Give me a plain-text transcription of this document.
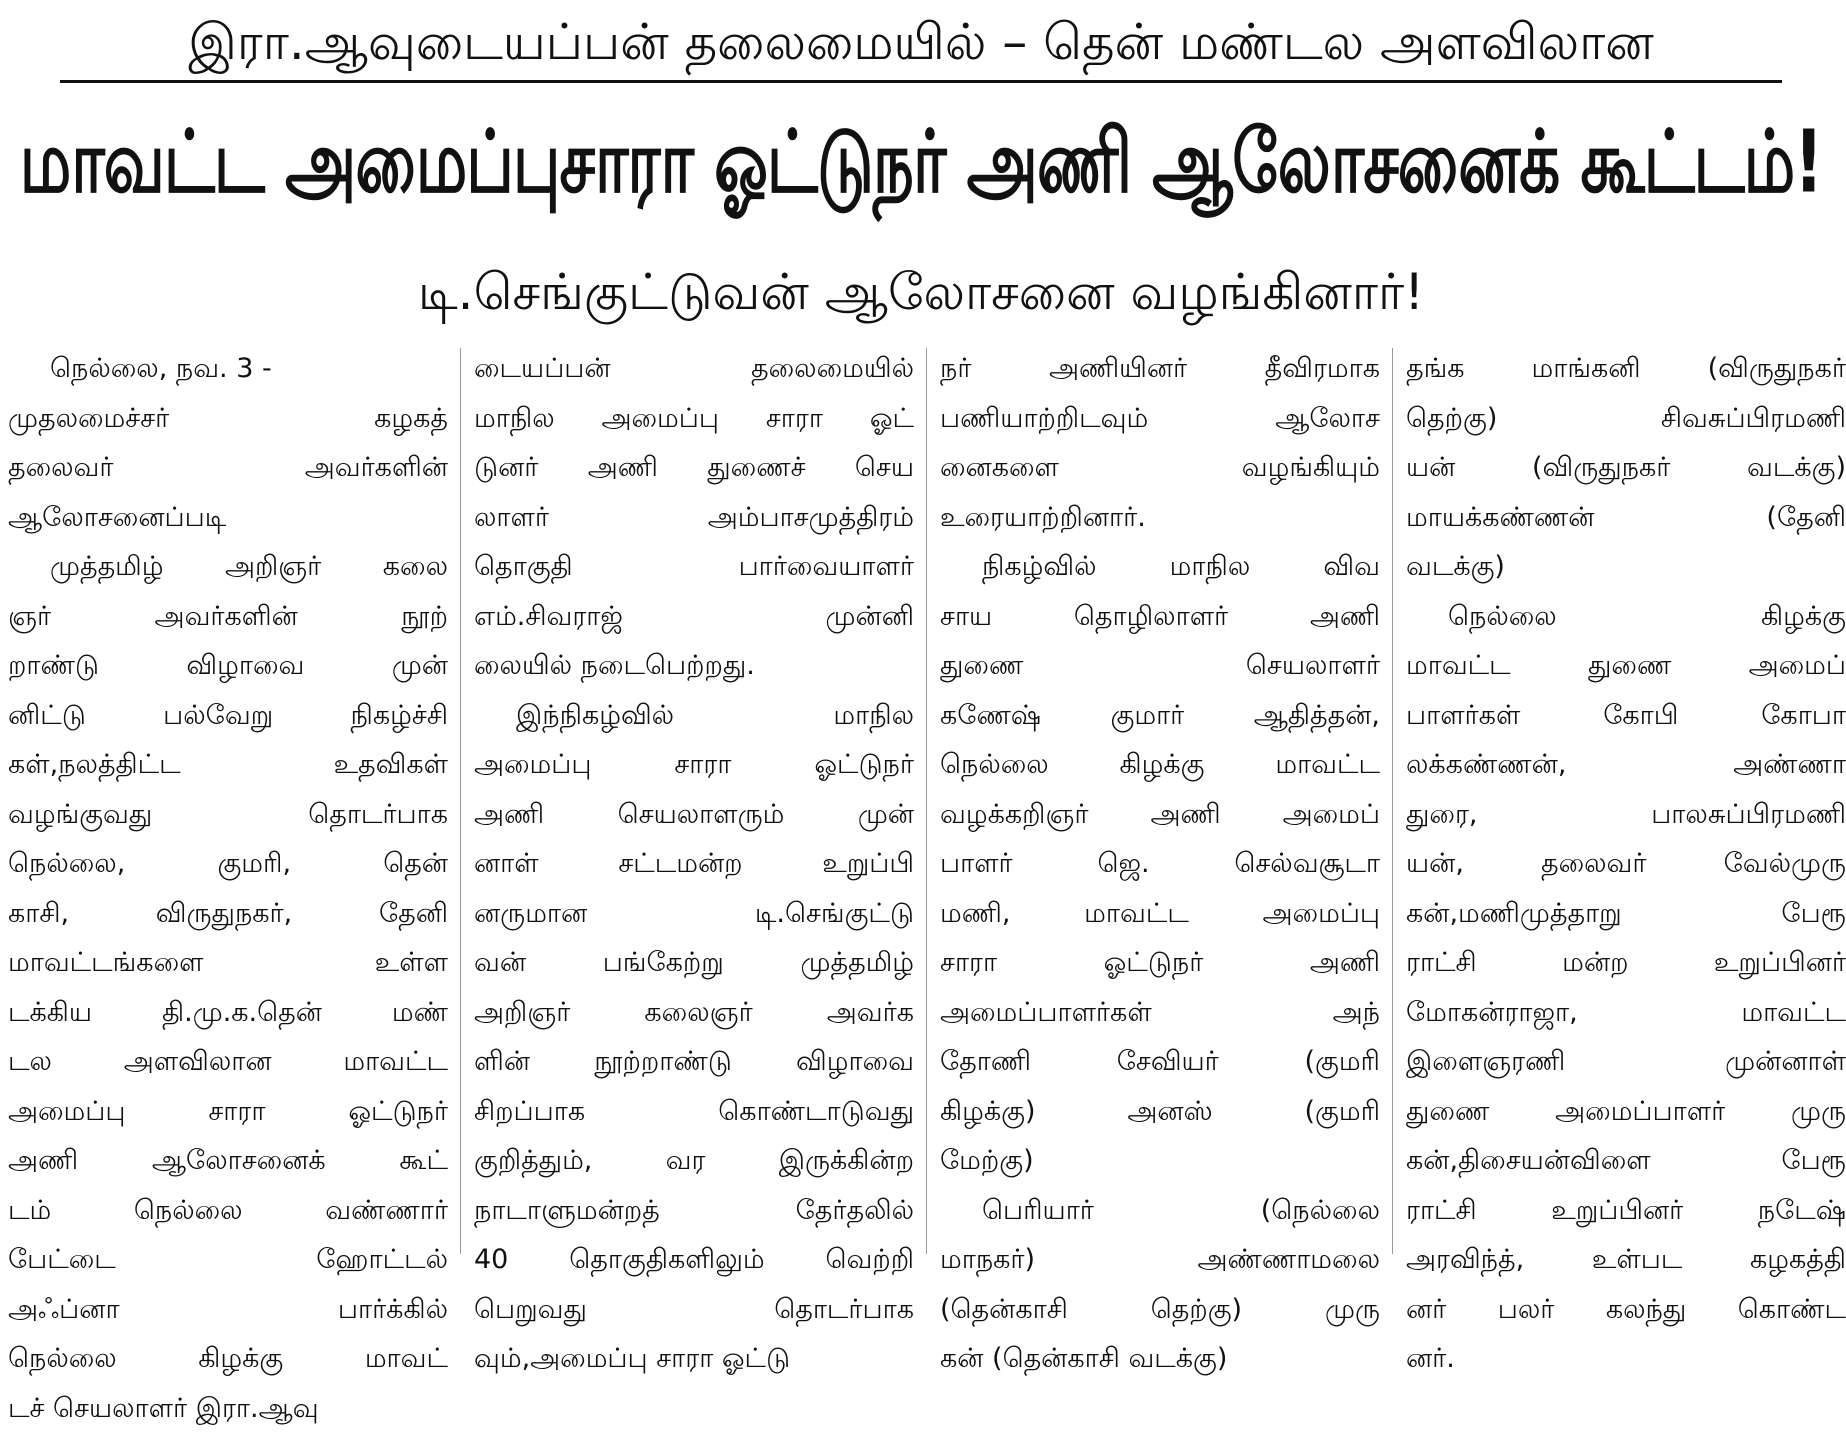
இரா.ஆவுடையப்பன் தலைமையில் – தென் மண்டல அளவிலான
மாவட்ட அமைப்புசாரா ஓட்டுநர் அணி ஆலோசனைக் கூட்டம்!
டி.செங்குட்டுவன் ஆலோசனை வழங்கினார்!
நெல்லை, நவ. 3 -
முதலமைச்சர் கழகத்
தலைவர் அவர்களின்
ஆலோசனைப்படி
முத்தமிழ் அறிஞர் கலை
ஞர் அவர்களின் நூற்
றாண்டு விழாவை முன்
னிட்டு பல்வேறு நிகழ்ச்சி
கள்,நலத்திட்ட உதவிகள்
வழங்குவது தொடர்பாக
நெல்லை, குமரி, தென்
காசி, விருதுநகர், தேனி
மாவட்டங்களை உள்ள
டக்கிய தி.மு.க.தென் மண்
டல அளவிலான மாவட்ட
அமைப்பு சாரா ஓட்டுநர்
அணி ஆலோசனைக் கூட்
டம் நெல்லை வண்ணார்
பேட்டை ஹோட்டல்
அஃப்னா பார்க்கில்
நெல்லை கிழக்கு மாவட்
டச் செயலாளர் இரா.ஆவு
டையப்பன் தலைமையில்
மாநில அமைப்பு சாரா ஓட்
டுனர் அணி துணைச் செய
லாளர் அம்பாசமுத்திரம்
தொகுதி பார்வையாளர்
எம்.சிவராஜ் முன்னி
லையில் நடைபெற்றது.
இந்நிகழ்வில் மாநில
அமைப்பு சாரா ஓட்டுநர்
அணி செயலாளரும் முன்
னாள் சட்டமன்ற உறுப்பி
னருமான டி.செங்குட்டு
வன் பங்கேற்று முத்தமிழ்
அறிஞர் கலைஞர் அவர்க
ளின் நூற்றாண்டு விழாவை
சிறப்பாக கொண்டாடுவது
குறித்தும், வர இருக்கின்ற
நாடாளுமன்றத் தேர்தலில்
40 தொகுதிகளிலும் வெற்றி
பெறுவது தொடர்பாக
வும்,அமைப்பு சாரா ஓட்டு
நர் அணியினர் தீவிரமாக
பணியாற்றிடவும் ஆலோச
னைகளை வழங்கியும்
உரையாற்றினார்.
நிகழ்வில் மாநில விவ
சாய தொழிலாளர் அணி
துணை செயலாளர்
கணேஷ் குமார் ஆதித்தன்,
நெல்லை கிழக்கு மாவட்ட
வழக்கறிஞர் அணி அமைப்
பாளர் ஜெ. செல்வசூடா
மணி, மாவட்ட அமைப்பு
சாரா ஓட்டுநர் அணி
அமைப்பாளர்கள் அந்
தோணி சேவியர் (குமரி
கிழக்கு) அனஸ் (குமரி
மேற்கு)
பெரியார் (நெல்லை
மாநகர்) அண்ணாமலை
(தென்காசி தெற்கு) முரு
கன் (தென்காசி வடக்கு)
தங்க மாங்கனி (விருதுநகர்
தெற்கு) சிவசுப்பிரமணி
யன் (விருதுநகர் வடக்கு)
மாயக்கண்ணன் (தேனி
வடக்கு)
நெல்லை கிழக்கு
மாவட்ட துணை அமைப்
பாளர்கள் கோபி கோபா
லக்கண்ணன், அண்ணா
துரை, பாலசுப்பிரமணி
யன், தலைவர் வேல்முரு
கன்,மணிமுத்தாறு பேரூ
ராட்சி மன்ற உறுப்பினர்
மோகன்ராஜா, மாவட்ட
இளைஞரணி முன்னாள்
துணை அமைப்பாளர் முரு
கன்,திசையன்விளை பேரூ
ராட்சி உறுப்பினர் நடேஷ்
அரவிந்த், உள்பட கழகத்தி
னர் பலர் கலந்து கொண்ட
னர்.
